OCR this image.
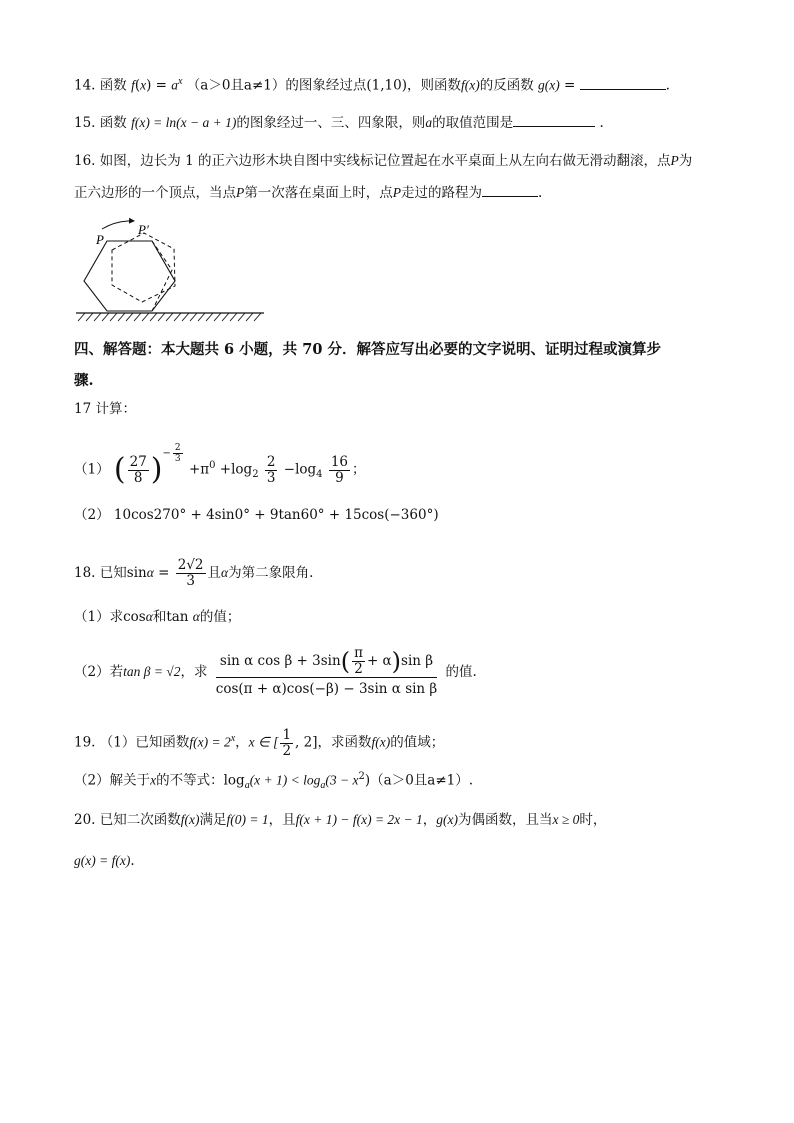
14. 函数 $f(x) = a^x$ （a＞0且a≠1）的图象经过点(1,10)，则函数f(x)的反函数 g(x) =	.
15. 函数 f(x) = ln(x − a + 1)的图象经过一、三、四象限，则a的取值范围是	.
16. 如图，边长为 1 的正六边形木块自图中实线标记位置起在水平桌面上从左向右做无滑动翻滚，点P为
正六边形的一个顶点，当点P第一次落在桌面上时，点P走过的路程为	.
P
P′
四、解答题：本大题共 6 小题，共 70 分．解答应写出必要的文字说明、证明过程或演算步
骤.
17 计算：
（1） ( $\frac{27}{8} )^{- \frac{2}{3}}$
$+\pi^0 +\log_2 \frac{2}{3} -\log_4 \frac{16}{9}$ ；
（2） 10cos270° + 4sin0° + 9tan60° + 15cos(−360°)
18. 已知$\sin\alpha = \frac{2√2}{3}$ 且α为第二象限角.
（1）求cosα和tan α的值；
（2）若tan β = √2，求 $\frac{\sin \alpha \cos \beta + 3\sin( \frac{\pi}{2} + \alpha)\sin \beta}{\text{cos(π + α)cos(−β) − 3sin α sin β}}$ 的值.
19. （1）已知函数$f(x) = 2^x$，x ∈ [ $\frac{1}{2}$ , 2]，求函数f(x)的值域；
（2）解关于x的不等式：$\log_a(x + 1) < \log_a(3 - x^2)(a>0$且a≠1）.
20. 已知二次函数f(x)满足f(0) = 1，且f(x + 1) − f(x) = 2x − 1，g(x)为偶函数，且当x ≥ 0时，
g(x) = f(x).
